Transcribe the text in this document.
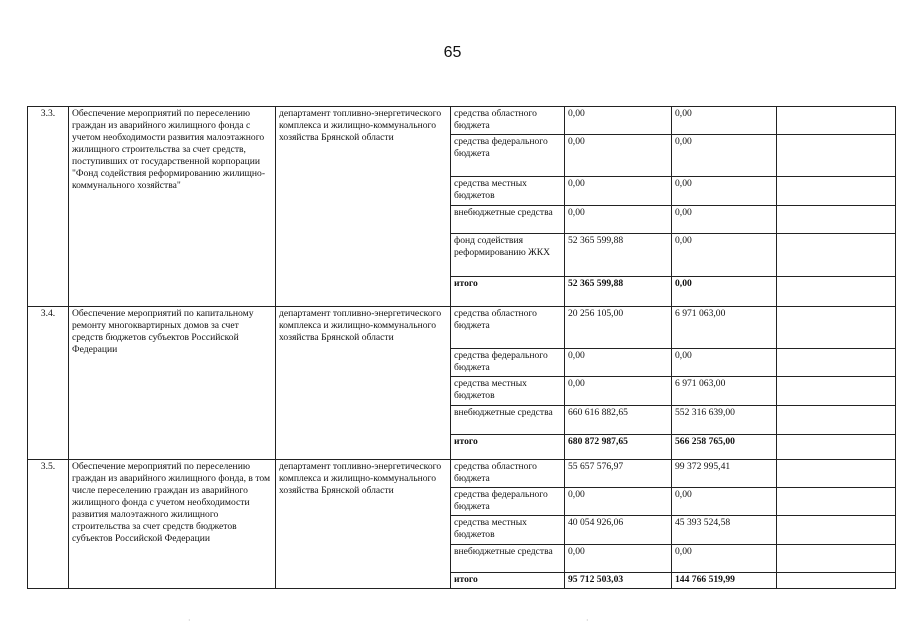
65
3.3.	Обеспечение мероприятий по переселению граждан из аварийного жилищного фонда с учетом необходимости развития малоэтажного жилищного строительства за счет средств, поступивших от государственной корпорации "Фонд содействия реформированию жилищно-коммунального хозяйства"	департамент топливно-энергетического комплекса и жилищно-коммунального хозяйства Брянской области	средства областного бюджета	0,00	0,00	
			средства федерального бюджета	0,00	0,00	
			средства местных бюджетов	0,00	0,00	
			внебюджетные средства	0,00	0,00	
			фонд содействия реформированию ЖКХ	52 365 599,88	0,00	
			итого	52 365 599,88	0,00	
3.4.	Обеспечение мероприятий по капитальному ремонту многоквартирных домов за счет средств бюджетов субъектов Российской Федерации	департамент топливно-энергетического комплекса и жилищно-коммунального хозяйства Брянской области	средства областного бюджета	20 256 105,00	6 971 063,00	
			средства федерального бюджета	0,00	0,00	
			средства местных бюджетов	0,00	6 971 063,00	
			внебюджетные средства	660 616 882,65	552 316 639,00	
			итого	680 872 987,65	566 258 765,00	
3.5.	Обеспечение мероприятий по переселению граждан из аварийного жилищного фонда, в том числе переселению граждан из аварийного жилищного фонда с учетом необходимости развития малоэтажного жилищного строительства за счет средств бюджетов субъектов Российской Федерации	департамент топливно-энергетического комплекса и жилищно-коммунального хозяйства Брянской области	средства областного бюджета	55 657 576,97	99 372 995,41	
			средства федерального бюджета	0,00	0,00	
			средства местных бюджетов	40 054 926,06	45 393 524,58	
			внебюджетные средства	0,00	0,00	
			итого	95 712 503,03	144 766 519,99	
·	·
